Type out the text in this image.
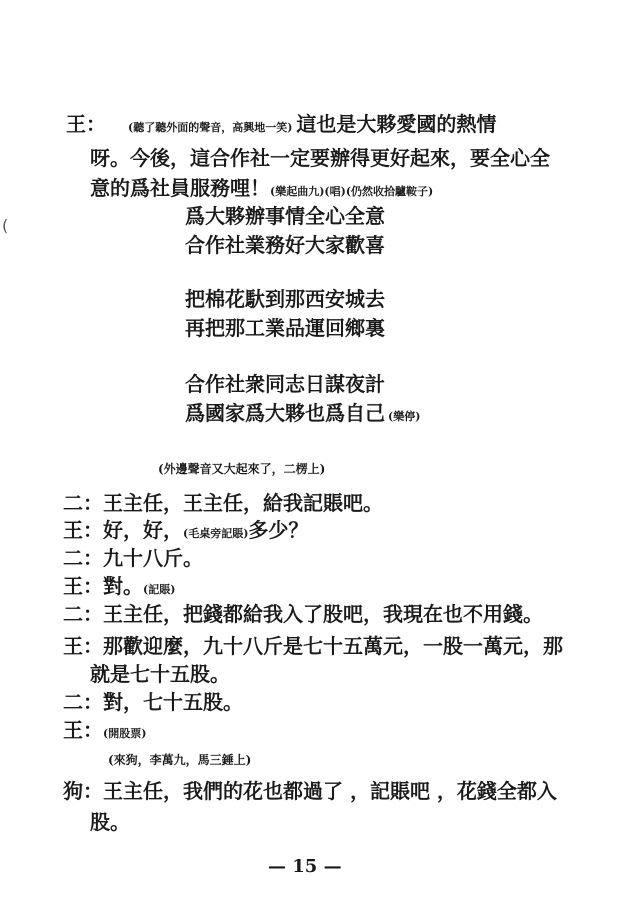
(
王： (聽了聽外面的聲音，高興地一笑) 這也是大夥愛國的熱情
呀。今後，這合作社一定要辦得更好起來，要全心全
意的爲社員服務哩！(樂起曲九)(唱)(仍然收拾驢鞍子)
爲大夥辦事情全心全意
合作社業務好大家歡喜
把棉花馱到那西安城去
再把那工業品運回鄉裏
合作社衆同志日謀夜計
爲國家爲大夥也爲自己 (樂停)
(外邊聲音又大起來了，二楞上)
二：王主任，王主任，給我記賬吧。
王：好，好，(毛桌旁記賬)多少？
二：九十八斤。
王：對。(記賬)
二：王主任，把錢都給我入了股吧，我現在也不用錢。
王：那歡迎麼，九十八斤是七十五萬元，一股一萬元，那
就是七十五股。
二：對，七十五股。
王：(開股票)
(來狗，李萬九，馬三錘上)
狗：王主任，我們的花也都過了 ，記賬吧 ，花錢全都入
股。
— 15 —
